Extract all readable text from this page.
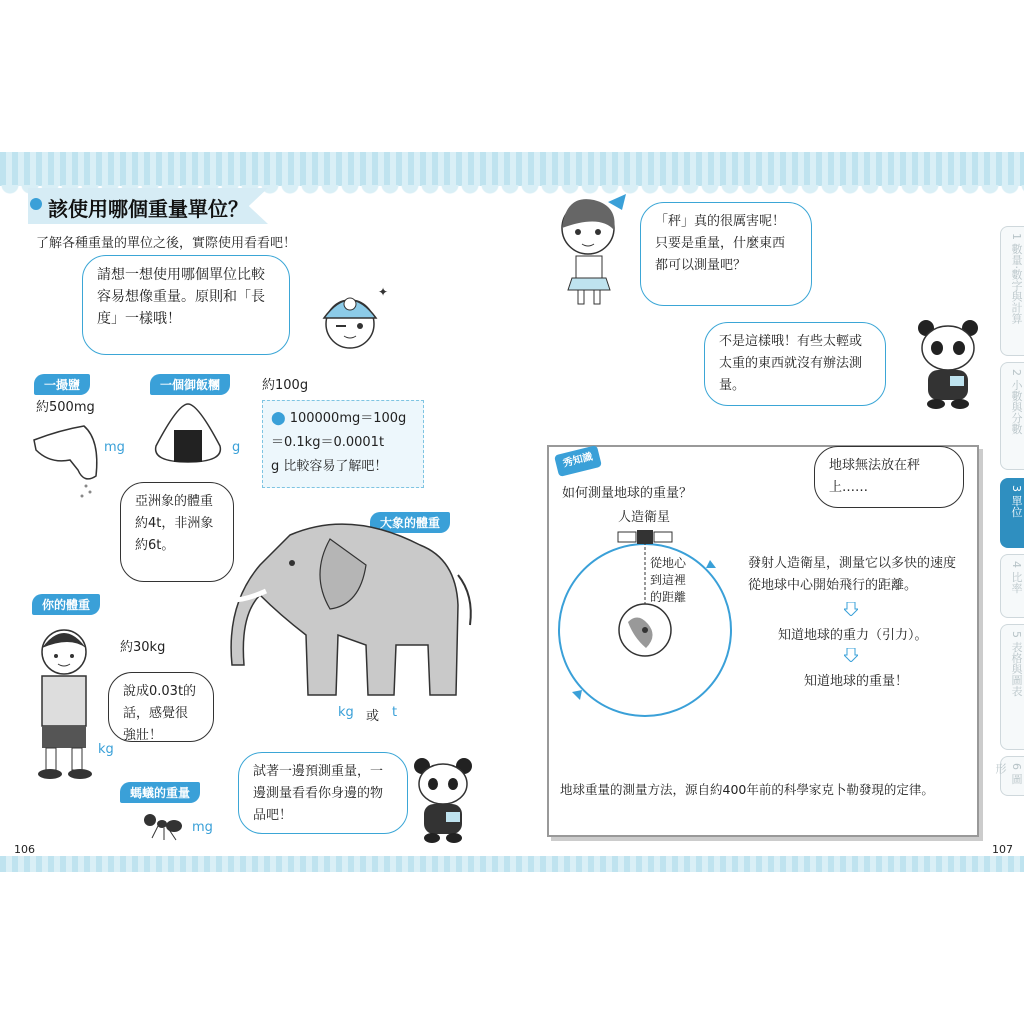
該使用哪個重量單位？
了解各種重量的單位之後，實際使用看看吧！
請想一想使用哪個單位比較容易想像重量。原則和「長度」一樣哦！
✦
一撮鹽
約500mg
mg
一個御飯糰	約100g
g
⬤ 100000mg＝100g
＝0.1kg＝0.0001t
g 比較容易了解吧！
亞洲象的體重約4t，非洲象約6t。
大象的體重
kg 或 t
你的體重
約30kg
說成0.03t的話，感覺很強壯！
kg
螞蟻的重量
mg
試著一邊預測重量，一邊測量看看你身邊的物品吧！
106
「秤」真的很厲害呢！只要是重量，什麼東西都可以測量吧？
不是這樣哦！有些太輕或太重的東西就沒有辦法測量。
秀知識
如何測量地球的重量？
地球無法放在秤上……
人造衛星
從地心到這裡的距離
發射人造衛星，測量它以多快的速度從地球中心開始飛行的距離。
知道地球的重力（引力）。
知道地球的重量！
地球重量的測量方法，源自約400年前的科學家克卜勒發現的定律。
1 數量‧數字與計算
2 小數與分數
3 單位
4 比率
5 表格與圖表
6 圖形
107
